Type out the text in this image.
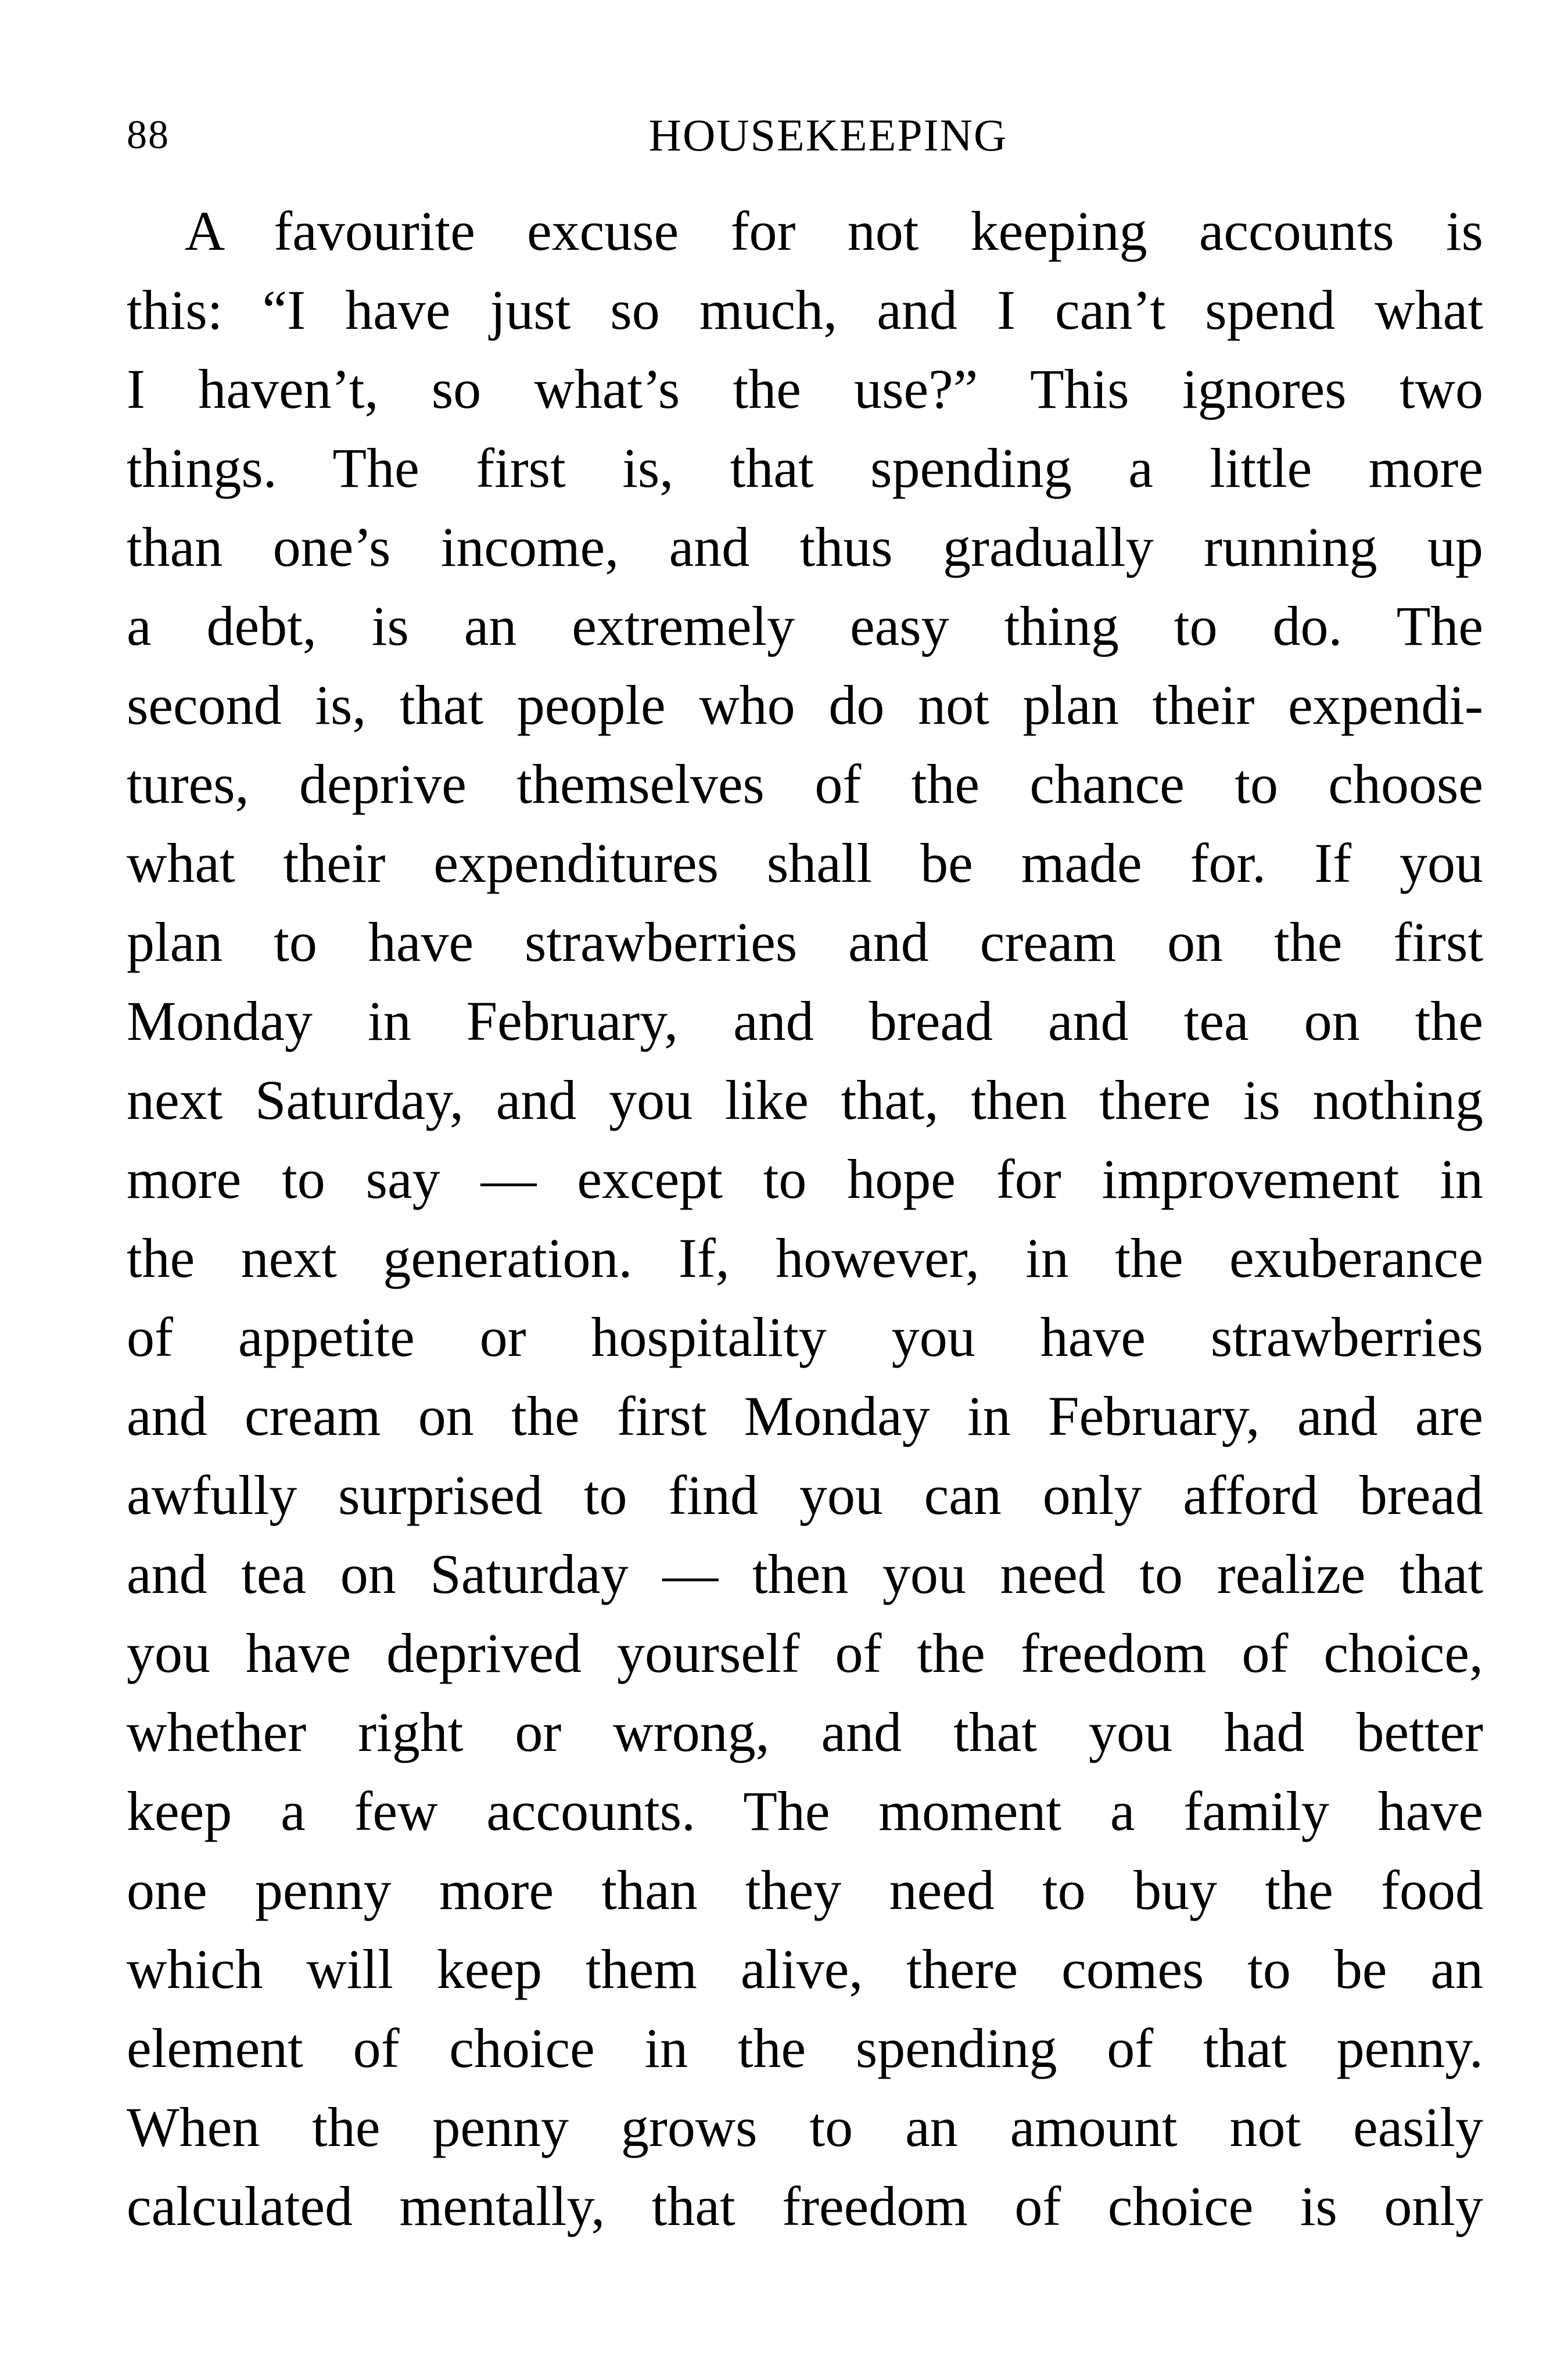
88	HOUSEKEEPING
A favourite excuse for not keeping accounts is
this: “I have just so much, and I can’t spend what
I haven’t, so what’s the use?” This ignores two
things. The first is, that spending a little more
than one’s income, and thus gradually running up
a debt, is an extremely easy thing to do. The
second is, that people who do not plan their expendi-
tures, deprive themselves of the chance to choose
what their expenditures shall be made for. If you
plan to have strawberries and cream on the first
Monday in February, and bread and tea on the
next Saturday, and you like that, then there is nothing
more to say — except to hope for improvement in
the next generation. If, however, in the exuberance
of appetite or hospitality you have strawberries
and cream on the first Monday in February, and are
awfully surprised to find you can only afford bread
and tea on Saturday — then you need to realize that
you have deprived yourself of the freedom of choice,
whether right or wrong, and that you had better
keep a few accounts. The moment a family have
one penny more than they need to buy the food
which will keep them alive, there comes to be an
element of choice in the spending of that penny.
When the penny grows to an amount not easily
calculated mentally, that freedom of choice is only
